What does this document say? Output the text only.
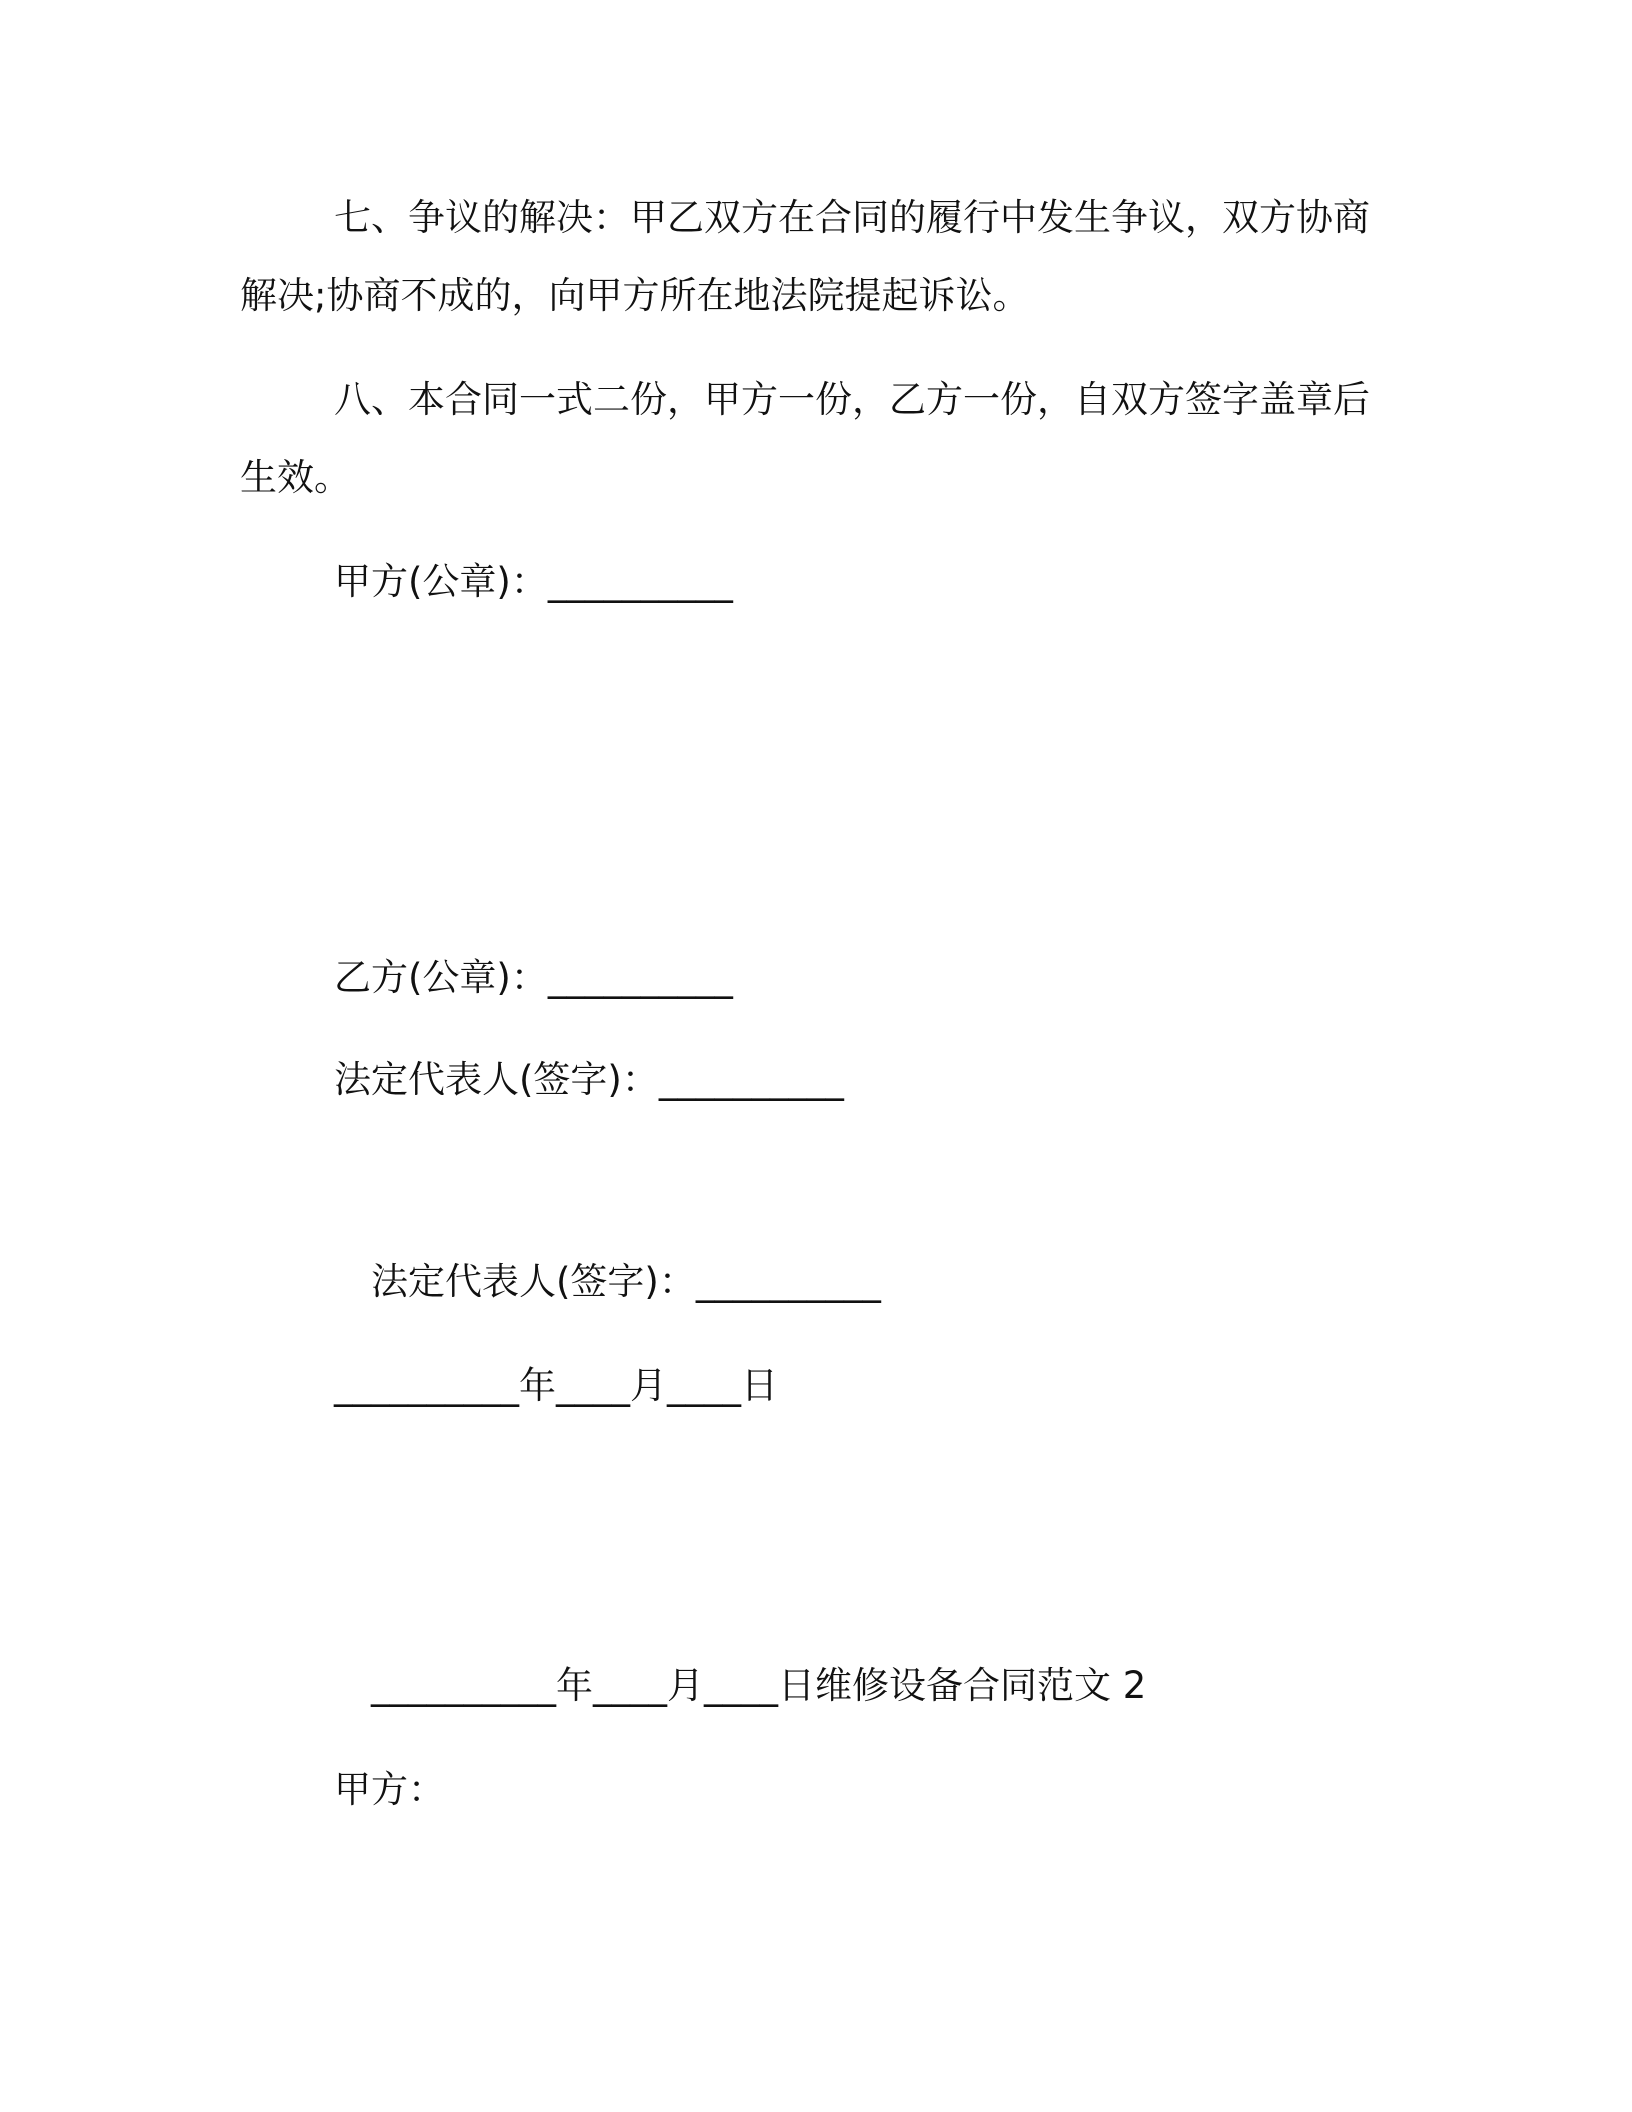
七、争议的解决：甲乙双方在合同的履行中发生争议，双方协商
解决;协商不成的，向甲方所在地法院提起诉讼。
八、本合同一式二份，甲方一份，乙方一份，自双方签字盖章后
生效。
甲方(公章)：__________
乙方(公章)：__________
法定代表人(签字)：__________
法定代表人(签字)：__________
__________年____月____日
__________年____月____日维修设备合同范文 2
甲方：
